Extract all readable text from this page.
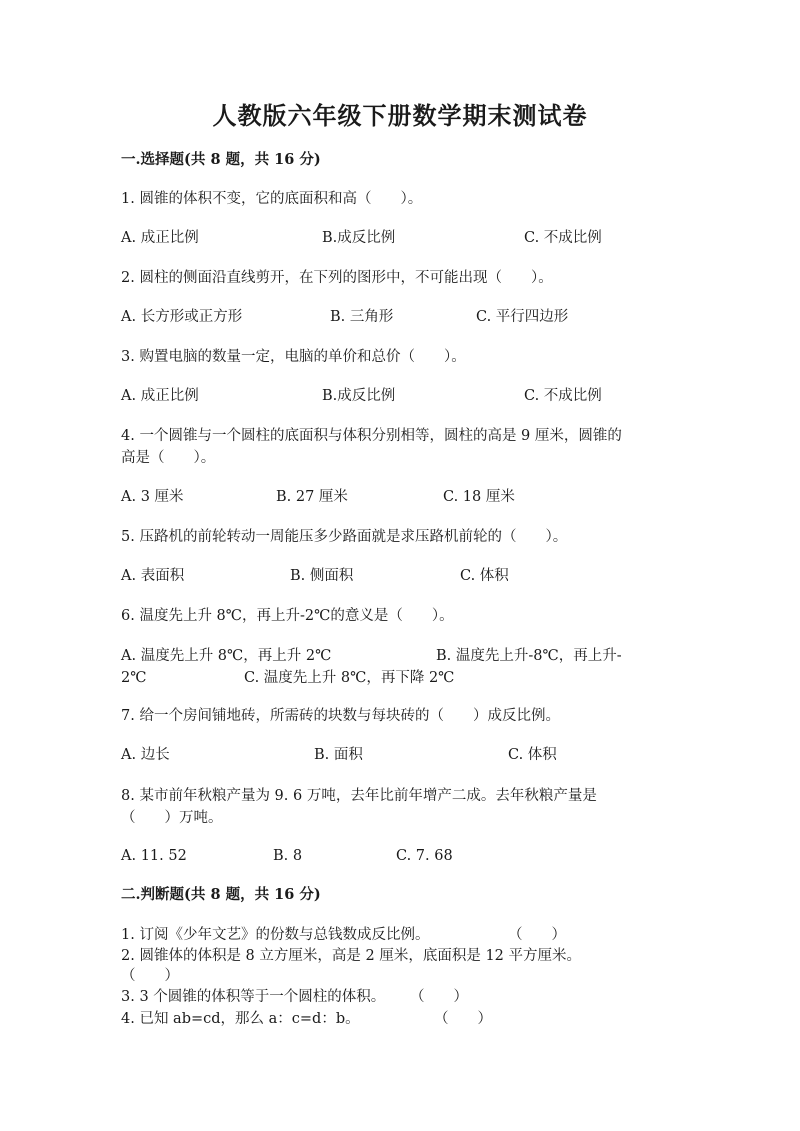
人教版六年级下册数学期末测试卷
一.选择题(共 8 题，共 16 分)
1. 圆锥的体积不变，它的底面积和高（　　）。
A. 成正比例	B.成反比例	C. 不成比例
2. 圆柱的侧面沿直线剪开，在下列的图形中，不可能出现（　　）。
A. 长方形或正方形	B. 三角形	C. 平行四边形
3. 购置电脑的数量一定，电脑的单价和总价（　　）。
A. 成正比例	B.成反比例	C. 不成比例
4. 一个圆锥与一个圆柱的底面积与体积分别相等，圆柱的高是 9 厘米，圆锥的
高是（　　）。
A. 3 厘米	B. 27 厘米	C. 18 厘米
5. 压路机的前轮转动一周能压多少路面就是求压路机前轮的（　　）。
A. 表面积	B. 侧面积	C. 体积
6. 温度先上升 8℃，再上升-2℃的意义是（　　）。
A. 温度先上升 8℃，再上升 2℃	B. 温度先上升-8℃，再上升-
2℃	C. 温度先上升 8℃，再下降 2℃
7. 给一个房间铺地砖，所需砖的块数与每块砖的（　　）成反比例。
A. 边长	B. 面积	C. 体积
8. 某市前年秋粮产量为 9. 6 万吨，去年比前年增产二成。去年秋粮产量是
（　　）万吨。
A. 11. 52	B. 8	C. 7. 68
二.判断题(共 8 题，共 16 分)
1. 订阅《少年文艺》的份数与总钱数成反比例。	（　　）
2. 圆锥体的体积是 8 立方厘米，高是 2 厘米，底面积是 12 平方厘米。
（　　）
3. 3 个圆锥的体积等于一个圆柱的体积。 （　　）
4. 已知 ab=cd，那么 a：c=d：b。	（　　）
